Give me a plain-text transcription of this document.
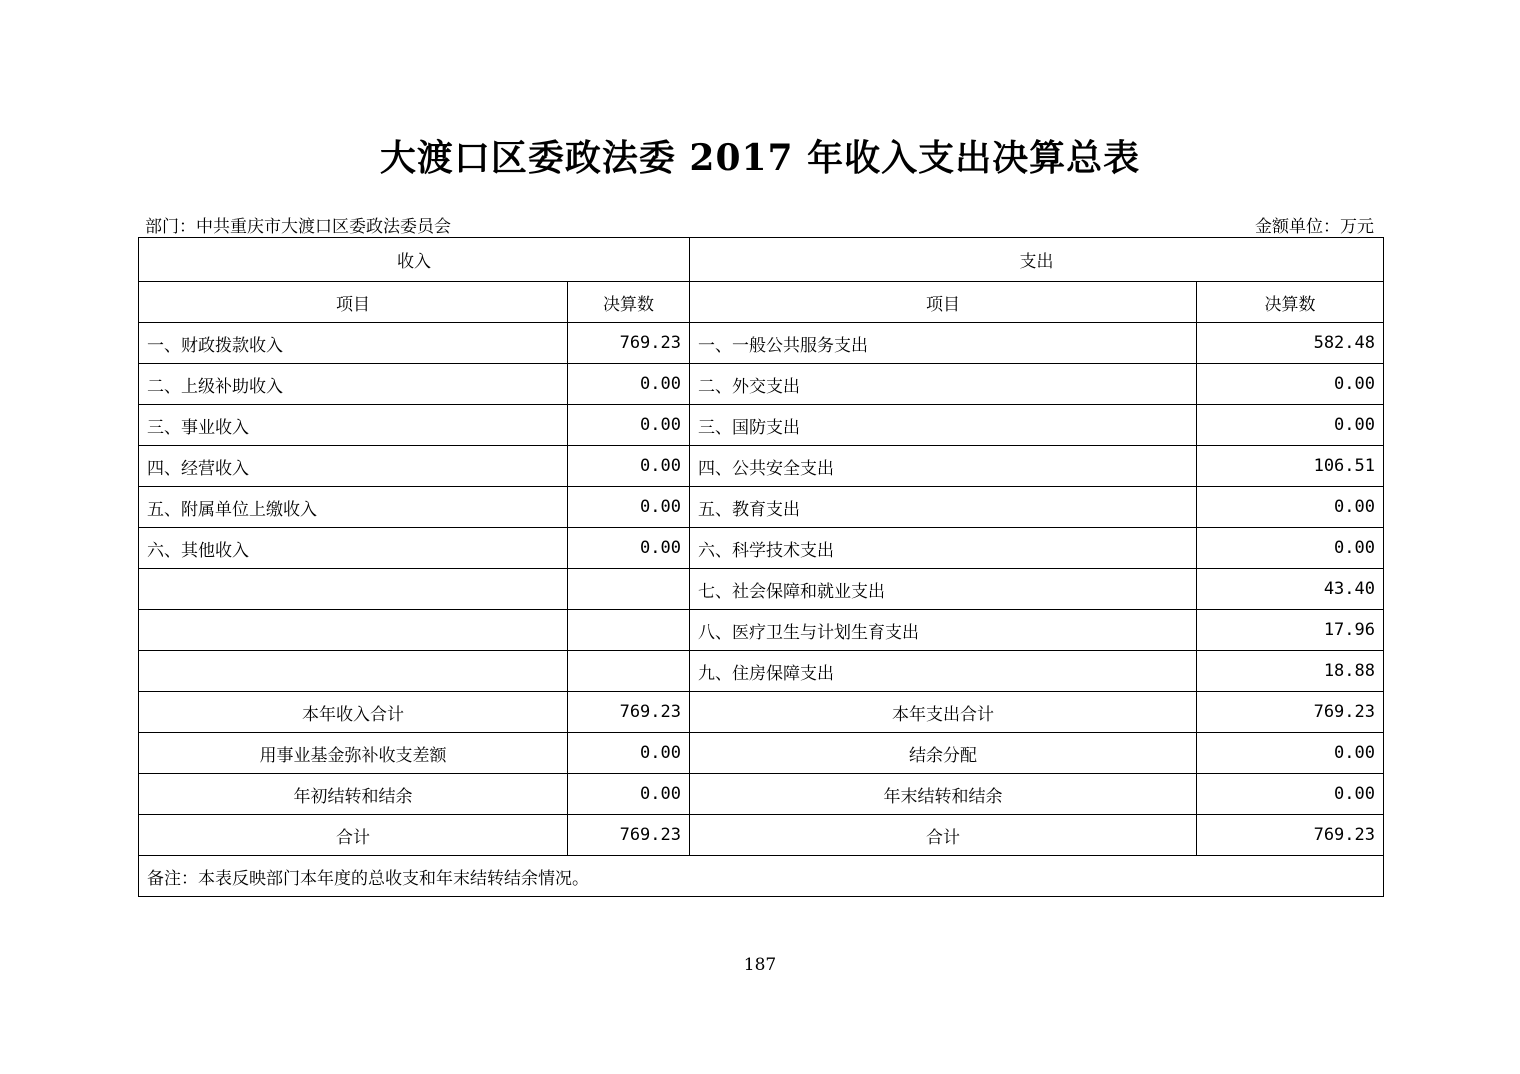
大渡口区委政法委 2017 年收入支出决算总表
部门：中共重庆市大渡口区委政法委员会	金额单位：万元
收入		支出	
项目	决算数	项目	决算数
一、财政拨款收入	769.23	一、一般公共服务支出	582.48
二、上级补助收入	0.00	二、外交支出	0.00
三、事业收入	0.00	三、国防支出	0.00
四、经营收入	0.00	四、公共安全支出	106.51
五、附属单位上缴收入	0.00	五、教育支出	0.00
六、其他收入	0.00	六、科学技术支出	0.00
		七、社会保障和就业支出	43.40
		八、医疗卫生与计划生育支出	17.96
		九、住房保障支出	18.88
本年收入合计	769.23	本年支出合计	769.23
用事业基金弥补收支差额	0.00	结余分配	0.00
年初结转和结余	0.00	年末结转和结余	0.00
合计	769.23	合计	769.23
备注：本表反映部门本年度的总收支和年末结转结余情况。			
187
